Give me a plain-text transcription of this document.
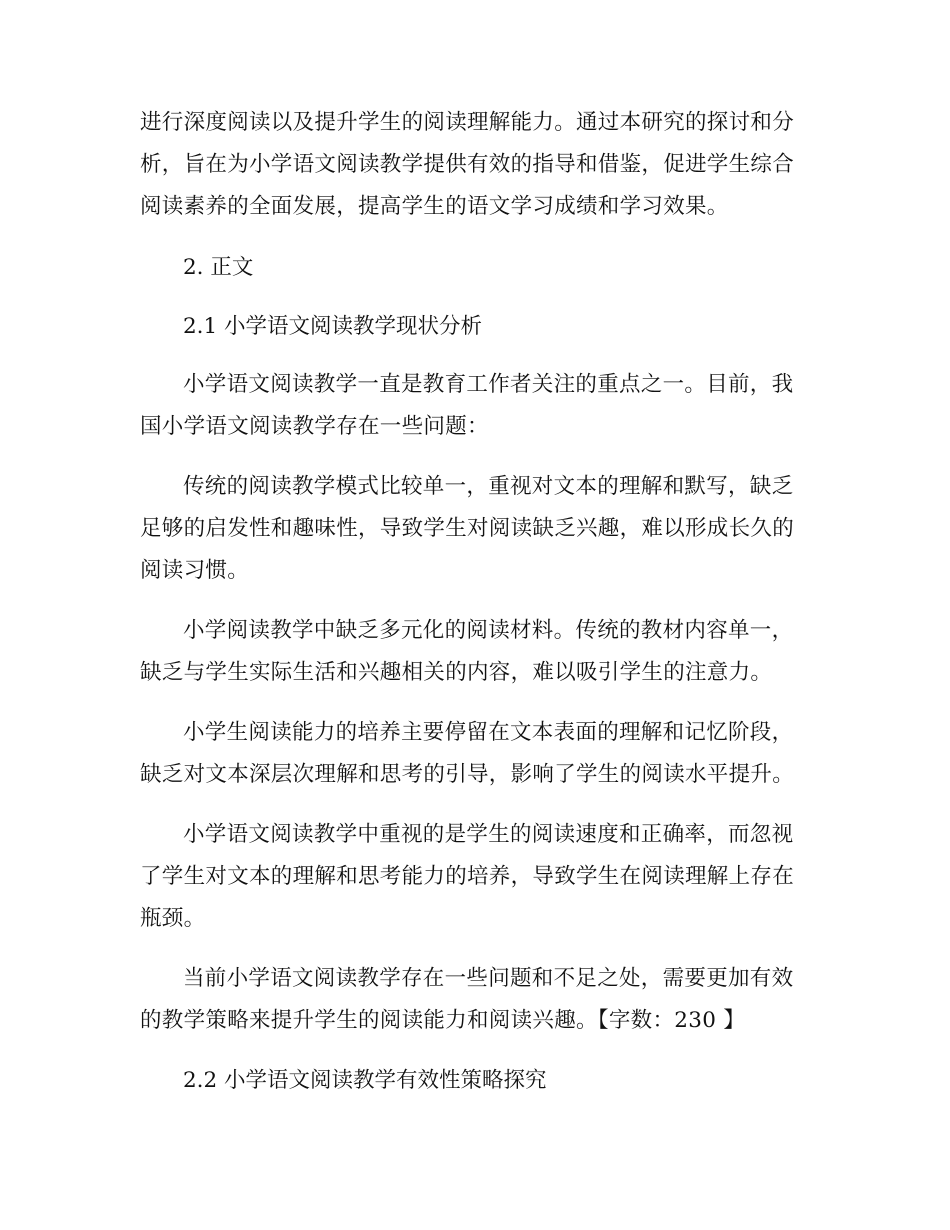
进行深度阅读以及提升学生的阅读理解能力。通过本研究的探讨和分析，旨在为小学语文阅读教学提供有效的指导和借鉴，促进学生综合阅读素养的全面发展，提高学生的语文学习成绩和学习效果。

2. 正文

2.1 小学语文阅读教学现状分析

小学语文阅读教学一直是教育工作者关注的重点之一。目前，我国小学语文阅读教学存在一些问题：

传统的阅读教学模式比较单一，重视对文本的理解和默写，缺乏足够的启发性和趣味性，导致学生对阅读缺乏兴趣，难以形成长久的阅读习惯。

小学阅读教学中缺乏多元化的阅读材料。传统的教材内容单一，缺乏与学生实际生活和兴趣相关的内容，难以吸引学生的注意力。

小学生阅读能力的培养主要停留在文本表面的理解和记忆阶段，缺乏对文本深层次理解和思考的引导，影响了学生的阅读水平提升。

小学语文阅读教学中重视的是学生的阅读速度和正确率，而忽视了学生对文本的理解和思考能力的培养，导致学生在阅读理解上存在瓶颈。

当前小学语文阅读教学存在一些问题和不足之处，需要更加有效的教学策略来提升学生的阅读能力和阅读兴趣。【字数：230 】

2.2 小学语文阅读教学有效性策略探究
